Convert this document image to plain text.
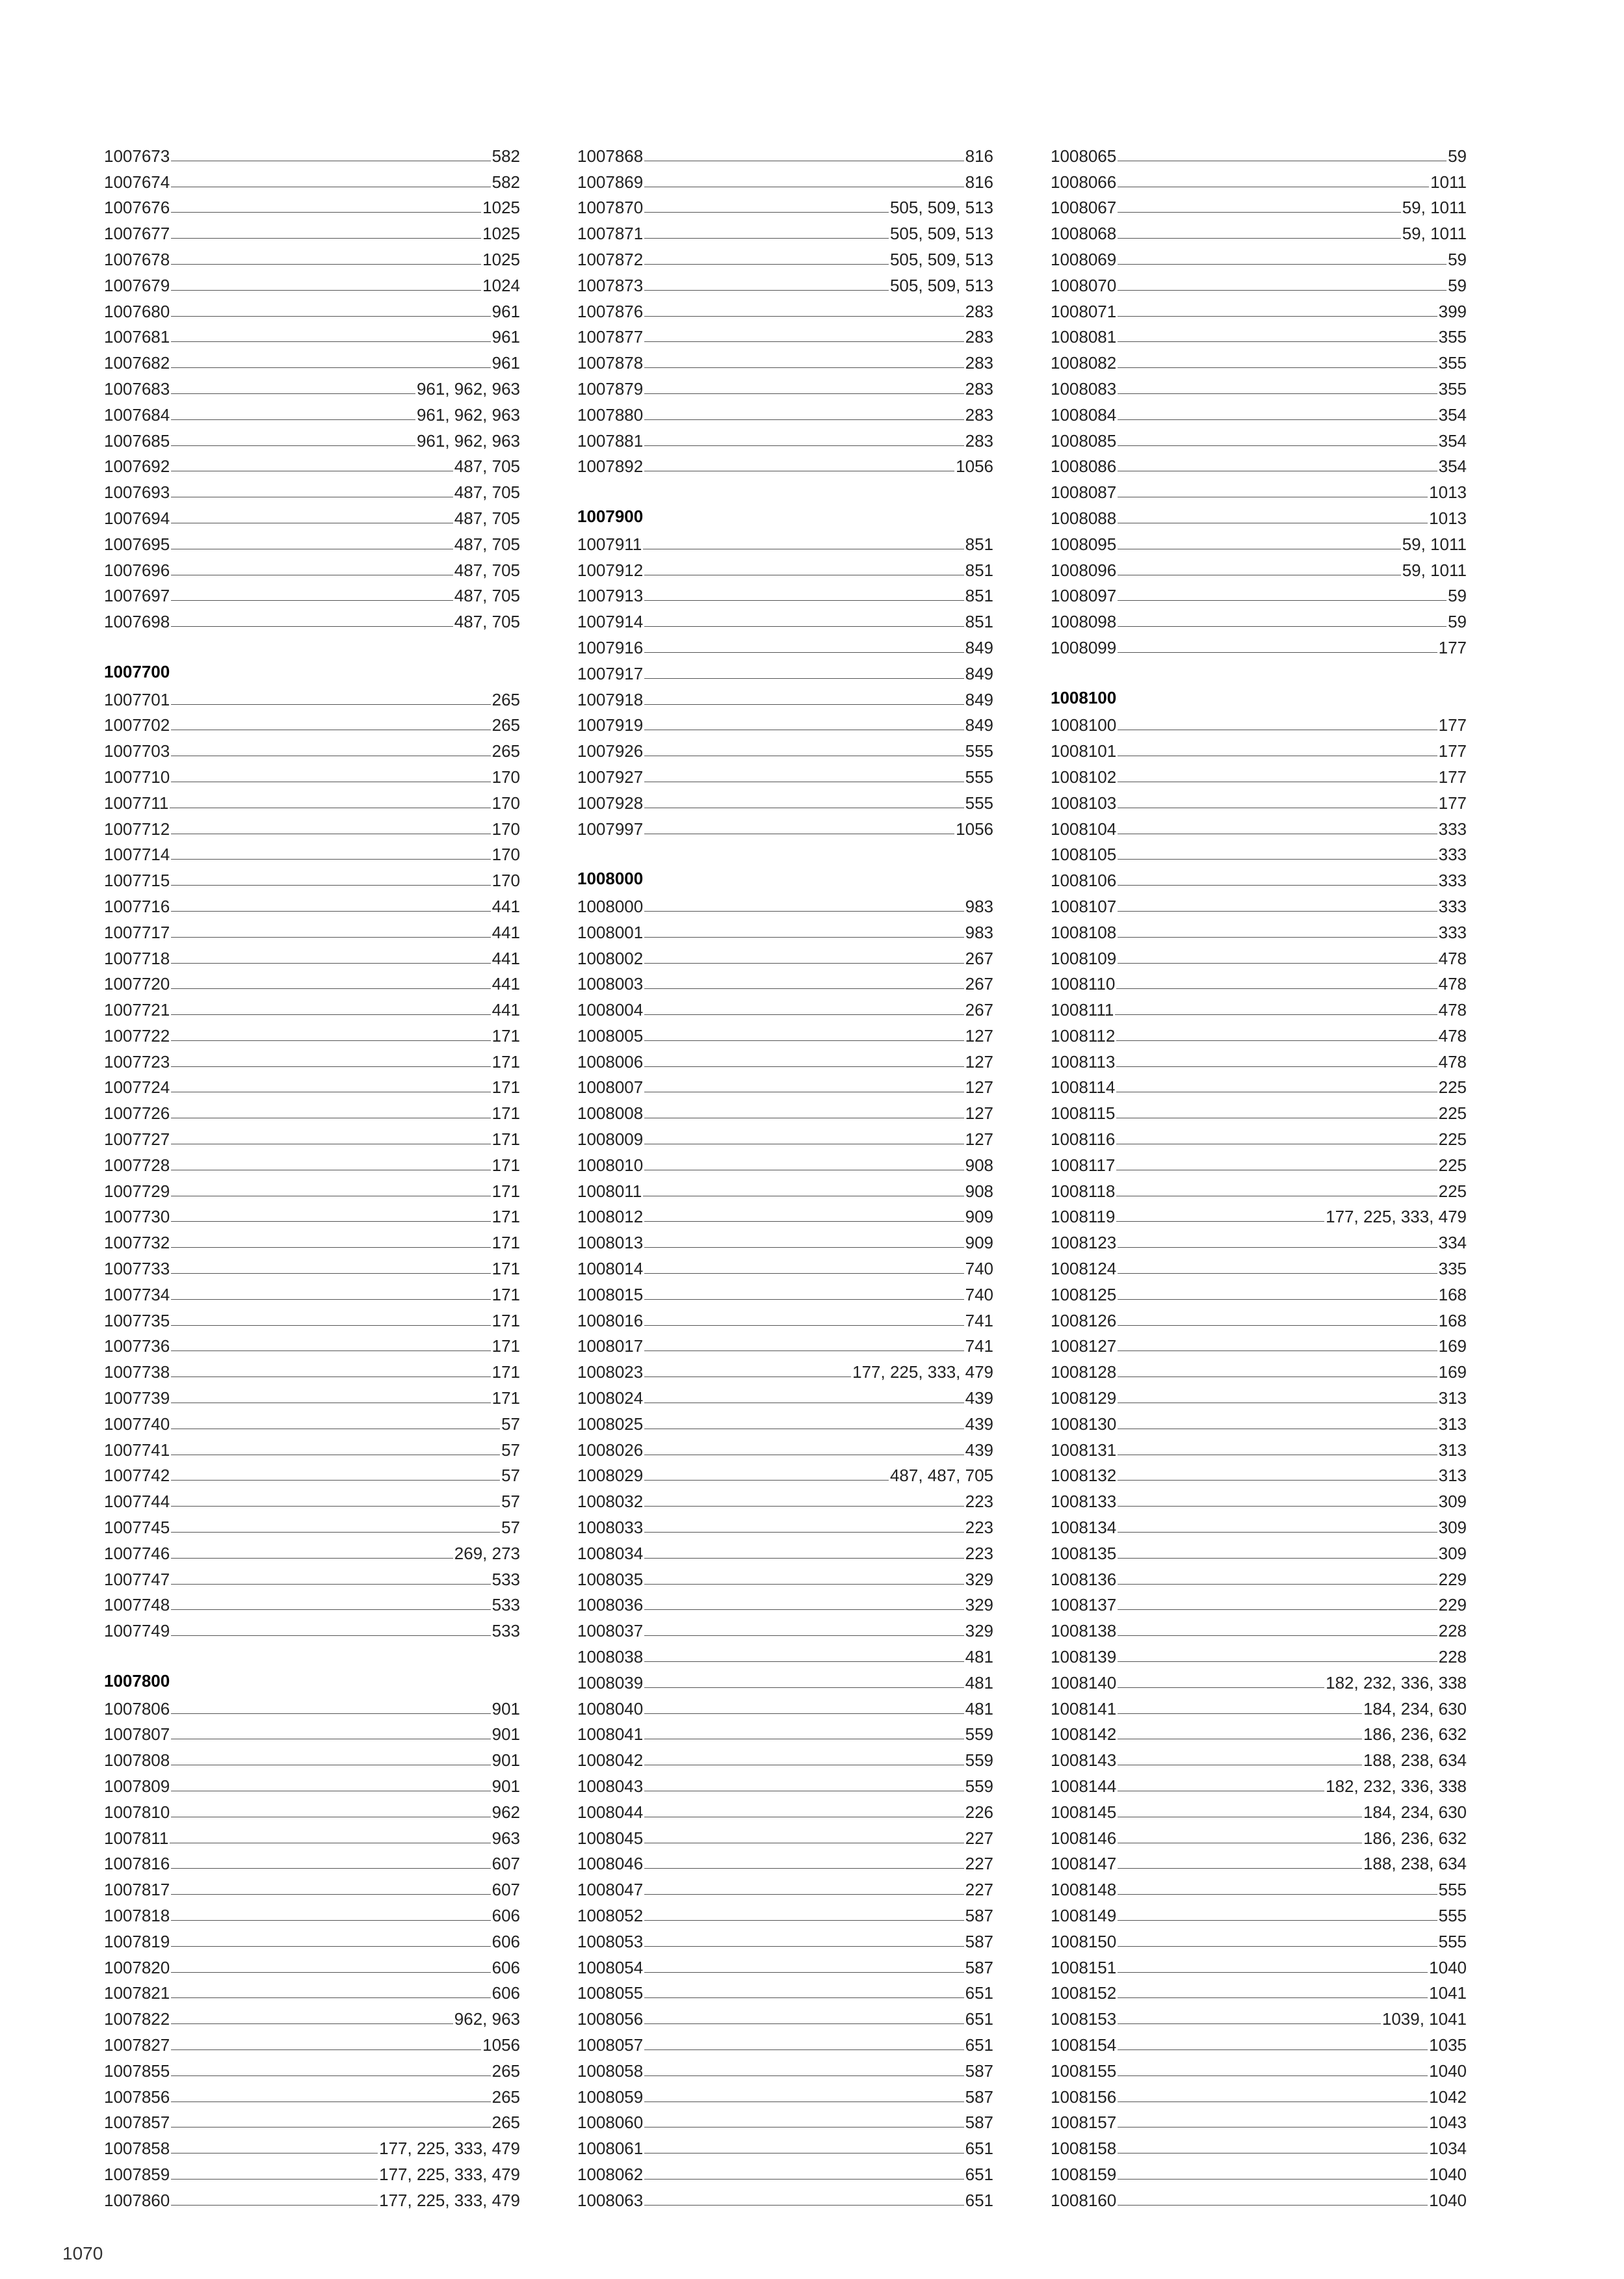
1007673	582
1007674	582
1007676	1025
1007677	1025
1007678	1025
1007679	1024
1007680	961
1007681	961
1007682	961
1007683	961, 962, 963
1007684	961, 962, 963
1007685	961, 962, 963
1007692	487, 705
1007693	487, 705
1007694	487, 705
1007695	487, 705
1007696	487, 705
1007697	487, 705
1007698	487, 705
1007700
1007701	265
1007702	265
1007703	265
1007710	170
1007711	170
1007712	170
1007714	170
1007715	170
1007716	441
1007717	441
1007718	441
1007720	441
1007721	441
1007722	171
1007723	171
1007724	171
1007726	171
1007727	171
1007728	171
1007729	171
1007730	171
1007732	171
1007733	171
1007734	171
1007735	171
1007736	171
1007738	171
1007739	171
1007740	57
1007741	57
1007742	57
1007744	57
1007745	57
1007746	269, 273
1007747	533
1007748	533
1007749	533
1007800
1007806	901
1007807	901
1007808	901
1007809	901
1007810	962
1007811	963
1007816	607
1007817	607
1007818	606
1007819	606
1007820	606
1007821	606
1007822	962, 963
1007827	1056
1007855	265
1007856	265
1007857	265
1007858	177, 225, 333, 479
1007859	177, 225, 333, 479
1007860	177, 225, 333, 479
1007868	816
1007869	816
1007870	505, 509, 513
1007871	505, 509, 513
1007872	505, 509, 513
1007873	505, 509, 513
1007876	283
1007877	283
1007878	283
1007879	283
1007880	283
1007881	283
1007892	1056
1007900
1007911	851
1007912	851
1007913	851
1007914	851
1007916	849
1007917	849
1007918	849
1007919	849
1007926	555
1007927	555
1007928	555
1007997	1056
1008000
1008000	983
1008001	983
1008002	267
1008003	267
1008004	267
1008005	127
1008006	127
1008007	127
1008008	127
1008009	127
1008010	908
1008011	908
1008012	909
1008013	909
1008014	740
1008015	740
1008016	741
1008017	741
1008023	177, 225, 333, 479
1008024	439
1008025	439
1008026	439
1008029	487, 487, 705
1008032	223
1008033	223
1008034	223
1008035	329
1008036	329
1008037	329
1008038	481
1008039	481
1008040	481
1008041	559
1008042	559
1008043	559
1008044	226
1008045	227
1008046	227
1008047	227
1008052	587
1008053	587
1008054	587
1008055	651
1008056	651
1008057	651
1008058	587
1008059	587
1008060	587
1008061	651
1008062	651
1008063	651
1008065	59
1008066	1011
1008067	59, 1011
1008068	59, 1011
1008069	59
1008070	59
1008071	399
1008081	355
1008082	355
1008083	355
1008084	354
1008085	354
1008086	354
1008087	1013
1008088	1013
1008095	59, 1011
1008096	59, 1011
1008097	59
1008098	59
1008099	177
1008100
1008100	177
1008101	177
1008102	177
1008103	177
1008104	333
1008105	333
1008106	333
1008107	333
1008108	333
1008109	478
1008110	478
1008111	478
1008112	478
1008113	478
1008114	225
1008115	225
1008116	225
1008117	225
1008118	225
1008119	177, 225, 333, 479
1008123	334
1008124	335
1008125	168
1008126	168
1008127	169
1008128	169
1008129	313
1008130	313
1008131	313
1008132	313
1008133	309
1008134	309
1008135	309
1008136	229
1008137	229
1008138	228
1008139	228
1008140	182, 232, 336, 338
1008141	184, 234, 630
1008142	186, 236, 632
1008143	188, 238, 634
1008144	182, 232, 336, 338
1008145	184, 234, 630
1008146	186, 236, 632
1008147	188, 238, 634
1008148	555
1008149	555
1008150	555
1008151	1040
1008152	1041
1008153	1039, 1041
1008154	1035
1008155	1040
1008156	1042
1008157	1043
1008158	1034
1008159	1040
1008160	1040
1070
